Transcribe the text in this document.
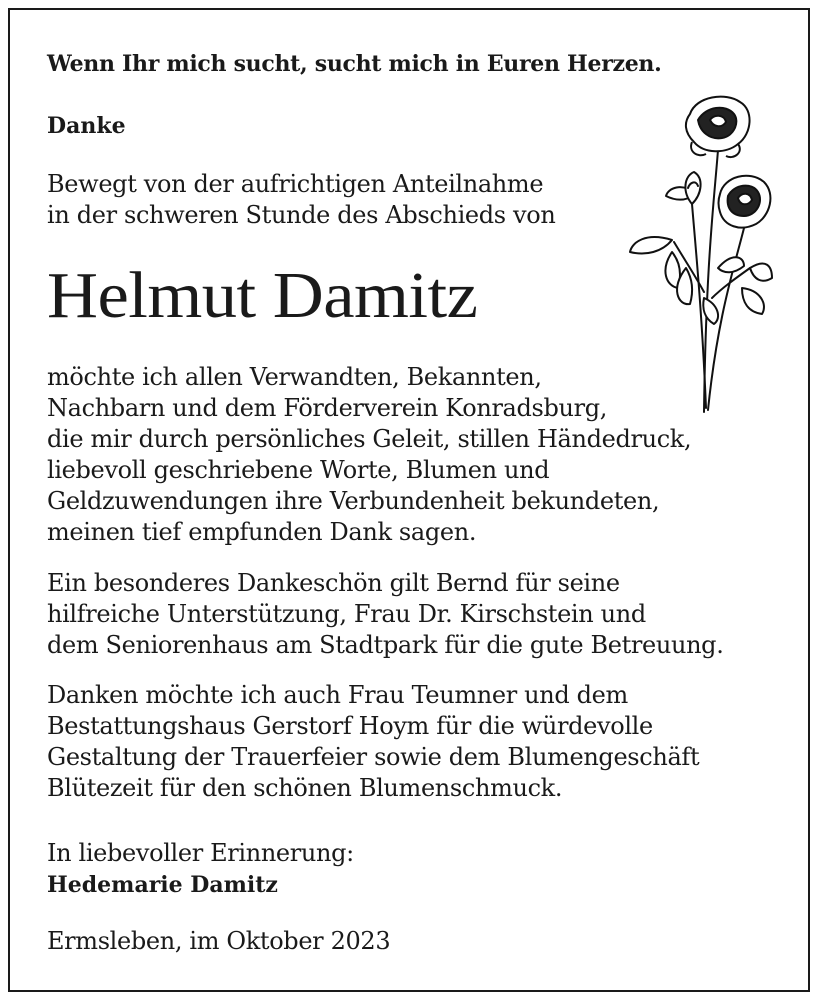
Wenn Ihr mich sucht, sucht mich in Euren Herzen.
Danke
Bewegt von der aufrichtigen Anteilnahme
in der schweren Stunde des Abschieds von
Helmut Damitz
möchte ich allen Verwandten, Bekannten,
Nachbarn und dem Förderverein Konradsburg,
die mir durch persönliches Geleit, stillen Händedruck,
liebevoll geschriebene Worte, Blumen und
Geldzuwendungen ihre Verbundenheit bekundeten,
meinen tief empfunden Dank sagen.
Ein besonderes Dankeschön gilt Bernd für seine
hilfreiche Unterstützung, Frau Dr. Kirschstein und
dem Seniorenhaus am Stadtpark für die gute Betreuung.
Danken möchte ich auch Frau Teumner und dem
Bestattungshaus Gerstorf Hoym für die würdevolle
Gestaltung der Trauerfeier sowie dem Blumengeschäft
Blütezeit für den schönen Blumenschmuck.
In liebevoller Erinnerung:
Hedemarie Damitz
Ermsleben, im Oktober 2023
